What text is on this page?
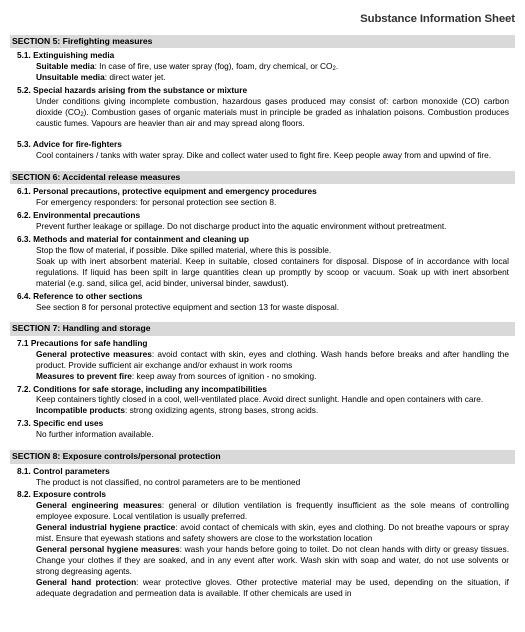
Substance Information Sheet
SECTION 5: Firefighting measures
5.1. Extinguishing media
Suitable media: In case of fire, use water spray (fog), foam, dry chemical, or $CO_2$.
Unsuitable media: direct water jet.
5.2. Special hazards arising from the substance or mixture
Under conditions giving incomplete combustion, hazardous gases produced may consist of: carbon monoxide (CO) carbon dioxide $(CO_2)$. Combustion gases of organic materials must in principle be graded as inhalation poisons. Combustion produces caustic fumes. Vapours are heavier than air and may spread along floors.
5.3. Advice for fire-fighters
Cool containers / tanks with water spray. Dike and collect water used to fight fire. Keep people away from and upwind of fire.
SECTION 6: Accidental release measures
6.1. Personal precautions, protective equipment and emergency procedures
For emergency responders: for personal protection see section 8.
6.2. Environmental precautions
Prevent further leakage or spillage. Do not discharge product into the aquatic environment without pretreatment.
6.3. Methods and material for containment and cleaning up
Stop the flow of material, if possible. Dike spilled material, where this is possible.
Soak up with inert absorbent material. Keep in suitable, closed containers for disposal. Dispose of in accordance with local regulations. If liquid has been spilt in large quantities clean up promptly by scoop or vacuum. Soak up with inert absorbent material (e.g. sand, silica gel, acid binder, universal binder, sawdust).
6.4. Reference to other sections
See section 8 for personal protective equipment and section 13 for waste disposal.
SECTION 7: Handling and storage
7.1 Precautions for safe handling
General protective measures: avoid contact with skin, eyes and clothing. Wash hands before breaks and after handling the product. Provide sufficient air exchange and/or exhaust in work rooms
Measures to prevent fire: keep away from sources of ignition - no smoking.
7.2. Conditions for safe storage, including any incompatibilities
Keep containers tightly closed in a cool, well-ventilated place. Avoid direct sunlight. Handle and open containers with care.
Incompatible products: strong oxidizing agents, strong bases, strong acids.
7.3. Specific end uses
No further information available.
SECTION 8: Exposure controls/personal protection
8.1. Control parameters
The product is not classified, no control parameters are to be mentioned
8.2. Exposure controls
General engineering measures: general or dilution ventilation is frequently insufficient as the sole means of controlling employee exposure. Local ventilation is usually preferred.
General industrial hygiene practice: avoid contact of chemicals with skin, eyes and clothing. Do not breathe vapours or spray mist. Ensure that eyewash stations and safety showers are close to the workstation location
General personal hygiene measures: wash your hands before going to toilet. Do not clean hands with dirty or greasy tissues. Change your clothes if they are soaked, and in any event after work. Wash skin with soap and water, do not use solvents or strong degreasing agents.
General hand protection: wear protective gloves. Other protective material may be used, depending on the situation, if adequate degradation and permeation data is available. If other chemicals are used in
